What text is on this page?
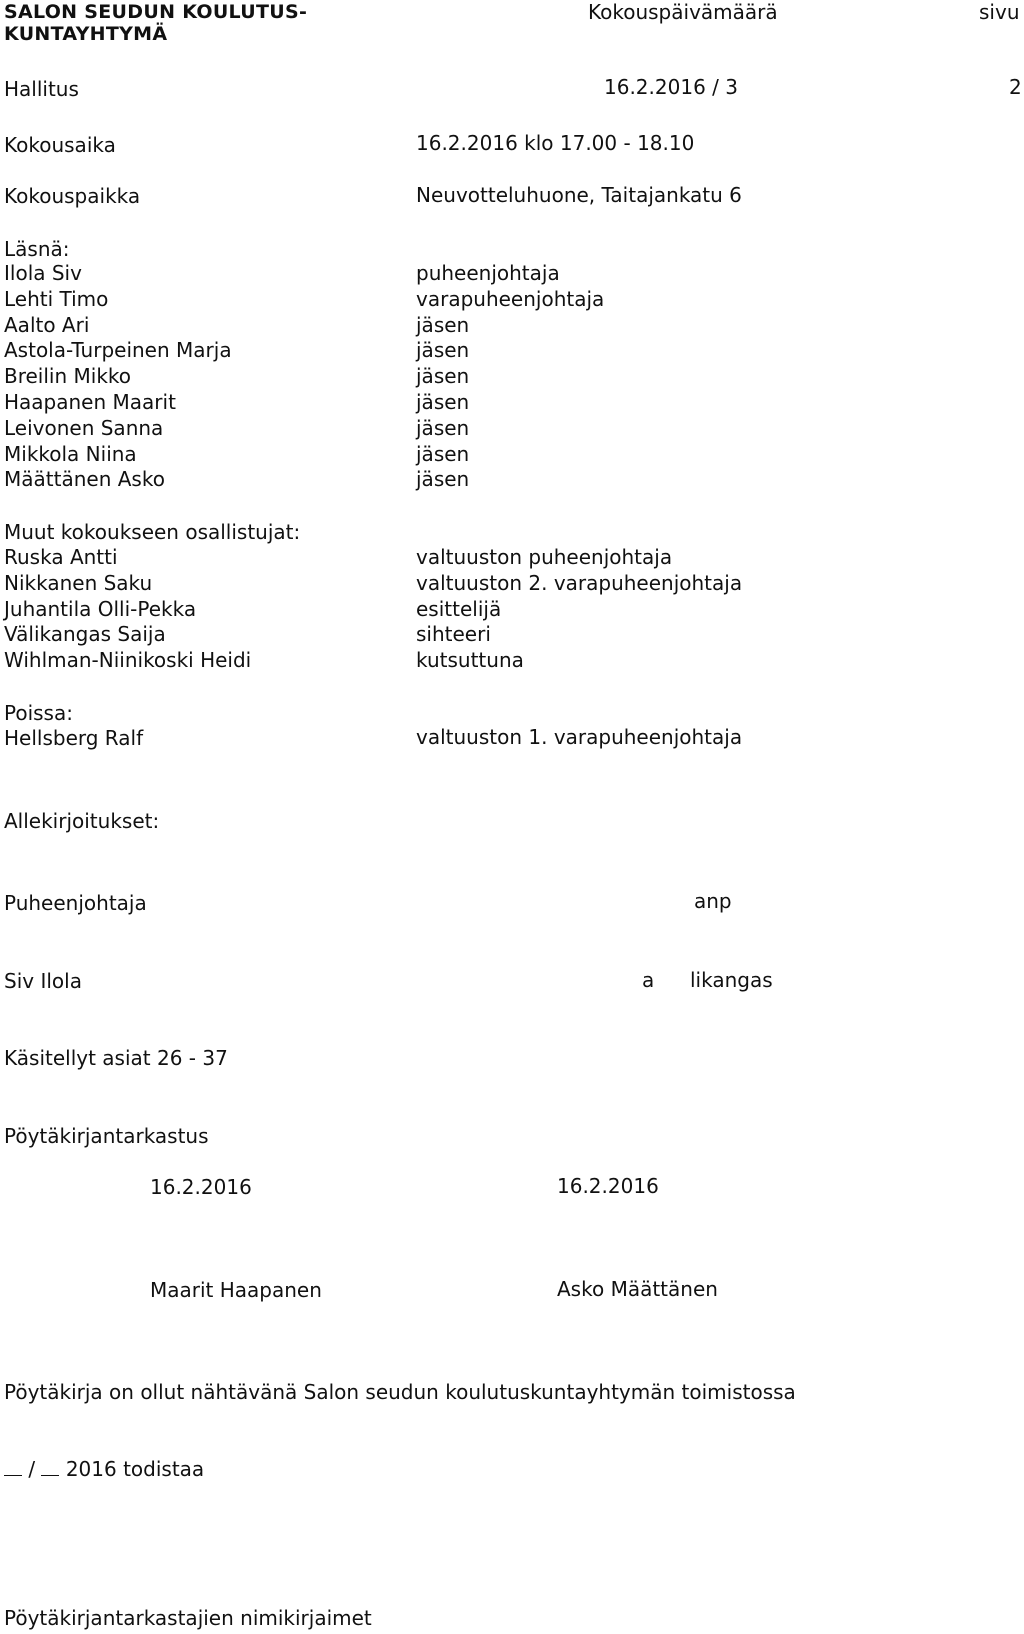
SALON SEUDUN KOULUTUS-
KUNTAYHTYMÄ
Kokouspäivämäärä	sivu
Hallitus	16.2.2016 / 3	2
Kokousaika	16.2.2016 klo 17.00 - 18.10
Kokouspaikka	Neuvotteluhuone, Taitajankatu 6
Läsnä:
Ilola Siv	puheenjohtaja
Lehti Timo	varapuheenjohtaja
Aalto Ari	jäsen
Astola-Turpeinen Marja	jäsen
Breilin Mikko	jäsen
Haapanen Maarit	jäsen
Leivonen Sanna	jäsen
Mikkola Niina	jäsen
Määttänen Asko	jäsen
Muut kokoukseen osallistujat:
Ruska Antti	valtuuston puheenjohtaja
Nikkanen Saku	valtuuston 2. varapuheenjohtaja
Juhantila Olli-Pekka	esittelijä
Välikangas Saija	sihteeri
Wihlman-Niinikoski Heidi	kutsuttuna
Poissa:
Hellsberg Ralf	valtuuston 1. varapuheenjohtaja
Allekirjoitukset:
Puheenjohtaja	anp
Siv Ilola	a likangas
Käsitellyt asiat 26 - 37
Pöytäkirjantarkastus
16.2.2016	16.2.2016
Maarit Haapanen	Asko Määttänen
Pöytäkirja on ollut nähtävänä Salon seudun koulutuskuntayhtymän toimistossa
/ 2016 todistaa
Pöytäkirjantarkastajien nimikirjaimet
